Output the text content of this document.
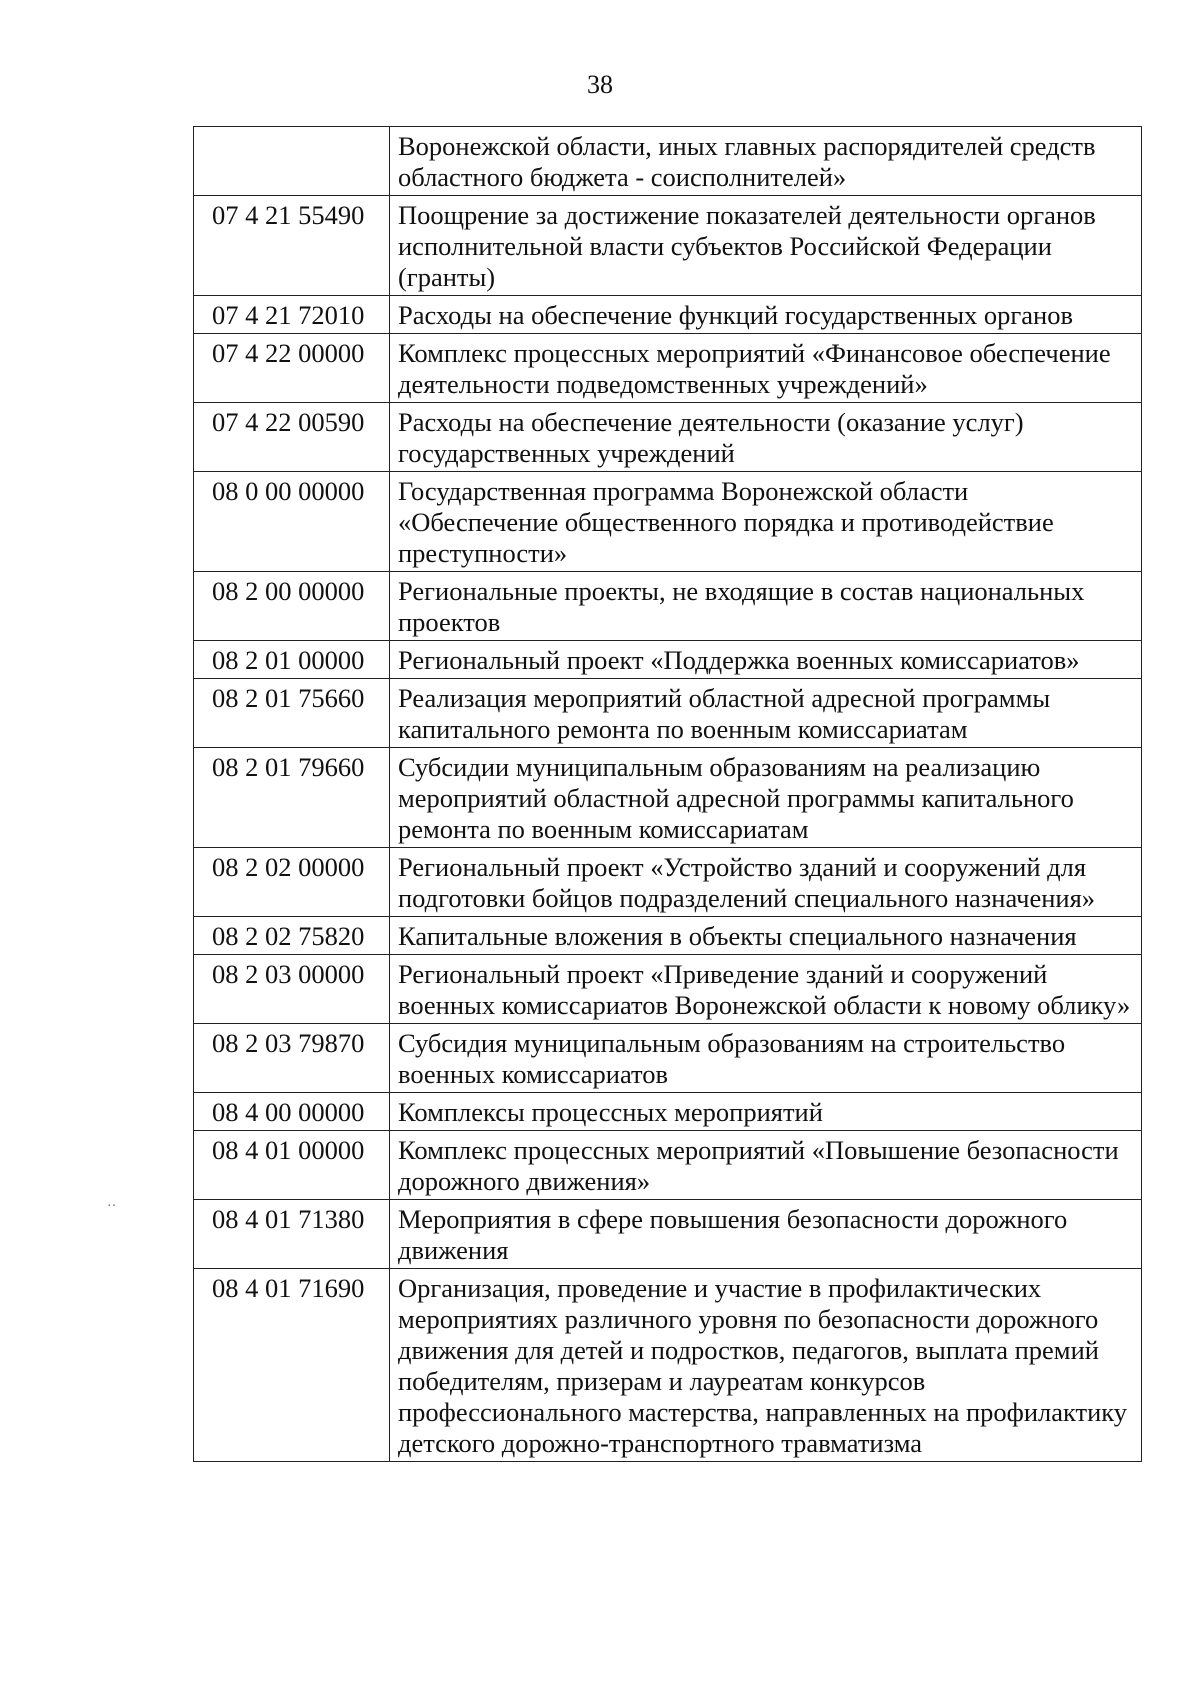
38
	Воронежской области, иных главных распорядителей средств областного бюджета - соисполнителей»
07 4 21 55490	Поощрение за достижение показателей деятельности органов исполнительной власти субъектов Российской Федерации (гранты)
07 4 21 72010	Расходы на обеспечение функций государственных органов
07 4 22 00000	Комплекс процессных мероприятий «Финансовое обеспечение деятельности подведомственных учреждений»
07 4 22 00590	Расходы на обеспечение деятельности (оказание услуг) государственных учреждений
08 0 00 00000	Государственная программа Воронежской области «Обеспечение общественного порядка и противодействие преступности»
08 2 00 00000	Региональные проекты, не входящие в состав национальных проектов
08 2 01 00000	Региональный проект «Поддержка военных комиссариатов»
08 2 01 75660	Реализация мероприятий областной адресной программы капитального ремонта по военным комиссариатам
08 2 01 79660	Субсидии муниципальным образованиям на реализацию мероприятий областной адресной программы капитального ремонта по военным комиссариатам
08 2 02 00000	Региональный проект «Устройство зданий и сооружений для подготовки бойцов подразделений специального назначения»
08 2 02 75820	Капитальные вложения в объекты специального назначения
08 2 03 00000	Региональный проект «Приведение зданий и сооружений военных комиссариатов Воронежской области к новому облику»
08 2 03 79870	Субсидия муниципальным образованиям на строительство военных комиссариатов
08 4 00 00000	Комплексы процессных мероприятий
08 4 01 00000	Комплекс процессных мероприятий «Повышение безопасности дорожного движения»
08 4 01 71380	Мероприятия в сфере повышения безопасности дорожного движения
08 4 01 71690	Организация, проведение и участие в профилактических мероприятиях различного уровня по безопасности дорожного движения для детей и подростков, педагогов, выплата премий победителям, призерам и лауреатам конкурсов профессионального мастерства, направленных на профилактику детского дорожно-транспортного травматизма
··
